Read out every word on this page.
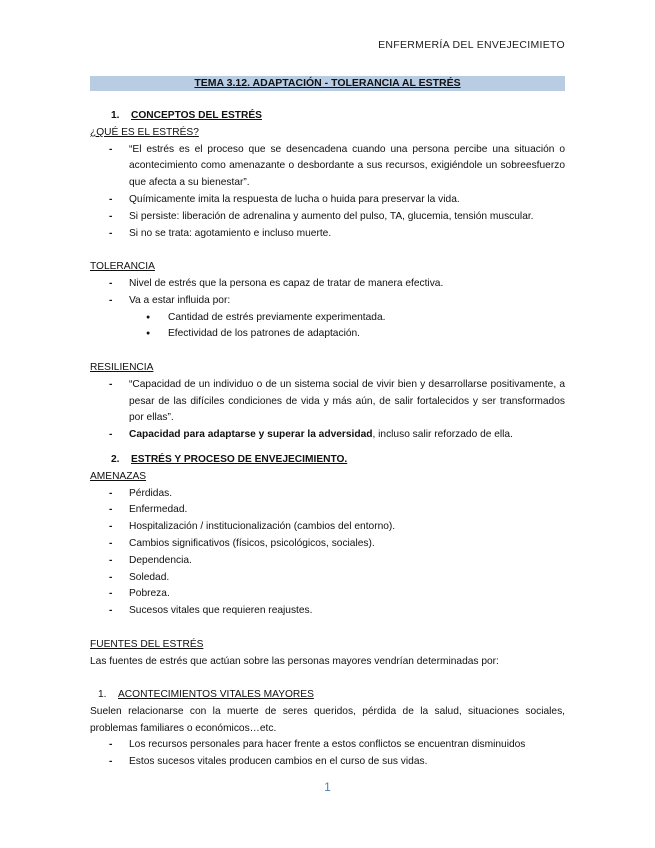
ENFERMERÍA DEL ENVEJECIMIETO
TEMA 3.12. ADAPTACIÓN - TOLERANCIA AL ESTRÉS
1. CONCEPTOS DEL ESTRÉS
¿QUÉ ES EL ESTRÉS?
- “El estrés es el proceso que se desencadena cuando una persona percibe una situación o acontecimiento como amenazante o desbordante a sus recursos, exigiéndole un sobreesfuerzo que afecta a su bienestar”.
- Químicamente imita la respuesta de lucha o huida para preservar la vida.
- Si persiste: liberación de adrenalina y aumento del pulso, TA, glucemia, tensión muscular.
- Si no se trata: agotamiento e incluso muerte.
TOLERANCIA
- Nivel de estrés que la persona es capaz de tratar de manera efectiva.
- Va a estar influida por:
● Cantidad de estrés previamente experimentada.
● Efectividad de los patrones de adaptación.
RESILIENCIA
- “Capacidad de un individuo o de un sistema social de vivir bien y desarrollarse positivamente, a pesar de las difíciles condiciones de vida y más aún, de salir fortalecidos y ser transformados por ellas”.
- Capacidad para adaptarse y superar la adversidad, incluso salir reforzado de ella.
2. ESTRÉS Y PROCESO DE ENVEJECIMIENTO.
AMENAZAS
- Pérdidas.
- Enfermedad.
- Hospitalización / institucionalización (cambios del entorno).
- Cambios significativos (físicos, psicológicos, sociales).
- Dependencia.
- Soledad.
- Pobreza.
- Sucesos vitales que requieren reajustes.
FUENTES DEL ESTRÉS
Las fuentes de estrés que actúan sobre las personas mayores vendrían determinadas por:
1. ACONTECIMIENTOS VITALES MAYORES
Suelen relacionarse con la muerte de seres queridos, pérdida de la salud, situaciones sociales, problemas familiares o económicos…etc.
- Los recursos personales para hacer frente a estos conflictos se encuentran disminuidos
- Estos sucesos vitales producen cambios en el curso de sus vidas.
1
